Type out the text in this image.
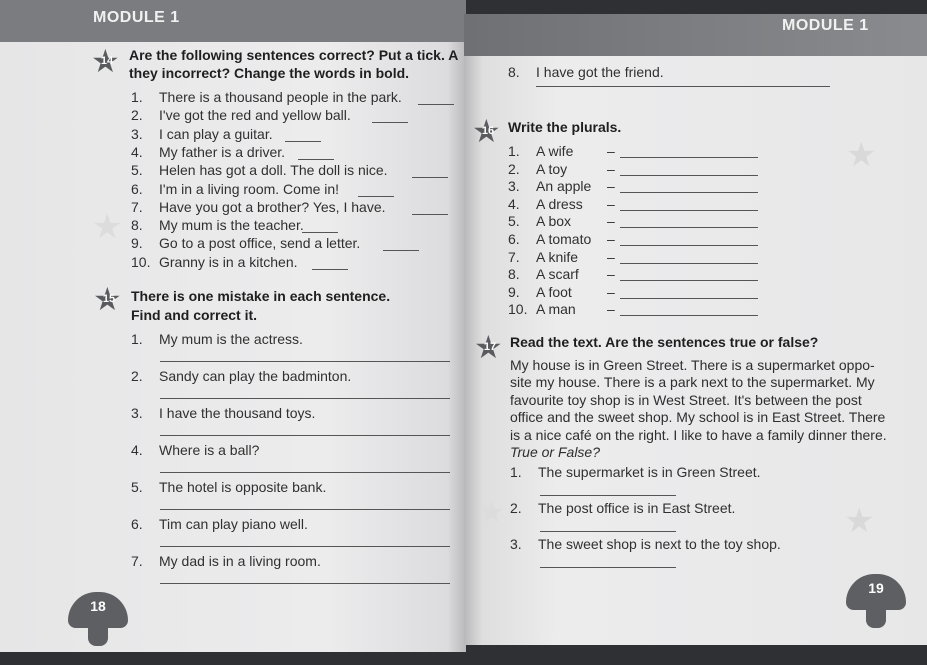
MODULE 1
★
★ 14 Are the following sentences correct? Put a tick. A
they incorrect? Change the words in bold.
1. There is a thousand people in the park.
2. I've got the red and yellow ball.
3. I can play a guitar.
4. My father is a driver.
5. Helen has got a doll. The doll is nice.
6. I'm in a living room. Come in!
7. Have you got a brother? Yes, I have.
8. My mum is the teacher.
9. Go to a post office, send a letter.
10. Granny is in a kitchen.
★ 15 There is one mistake in each sentence.
Find and correct it.
1. My mum is the actress.
2. Sandy can play the badminton.
3. I have the thousand toys.
4. Where is a ball?
5. The hotel is opposite bank.
6. Tim can play piano well.
7. My dad is in a living room.
18
MODULE 1
★
★
★
8. I have got the friend.
★ 16 Write the plurals.
1. A wife –
2. A toy	–
3. An apple –
4. A dress –
5. A box	–
6. A tomato –
7. A knife –
8. A scarf –
9. A foot	–
10. A man –
★ 17 Read the text. Are the sentences true or false?
My house is in Green Street. There is a supermarket oppo-
site my house. There is a park next to the supermarket. My
favourite toy shop is in West Street. It's between the post
office and the sweet shop. My school is in East Street. There
is a nice café on the right. I like to have a family dinner there.
True or False?
1. The supermarket is in Green Street.
2. The post office is in East Street.
3. The sweet shop is next to the toy shop.
19
